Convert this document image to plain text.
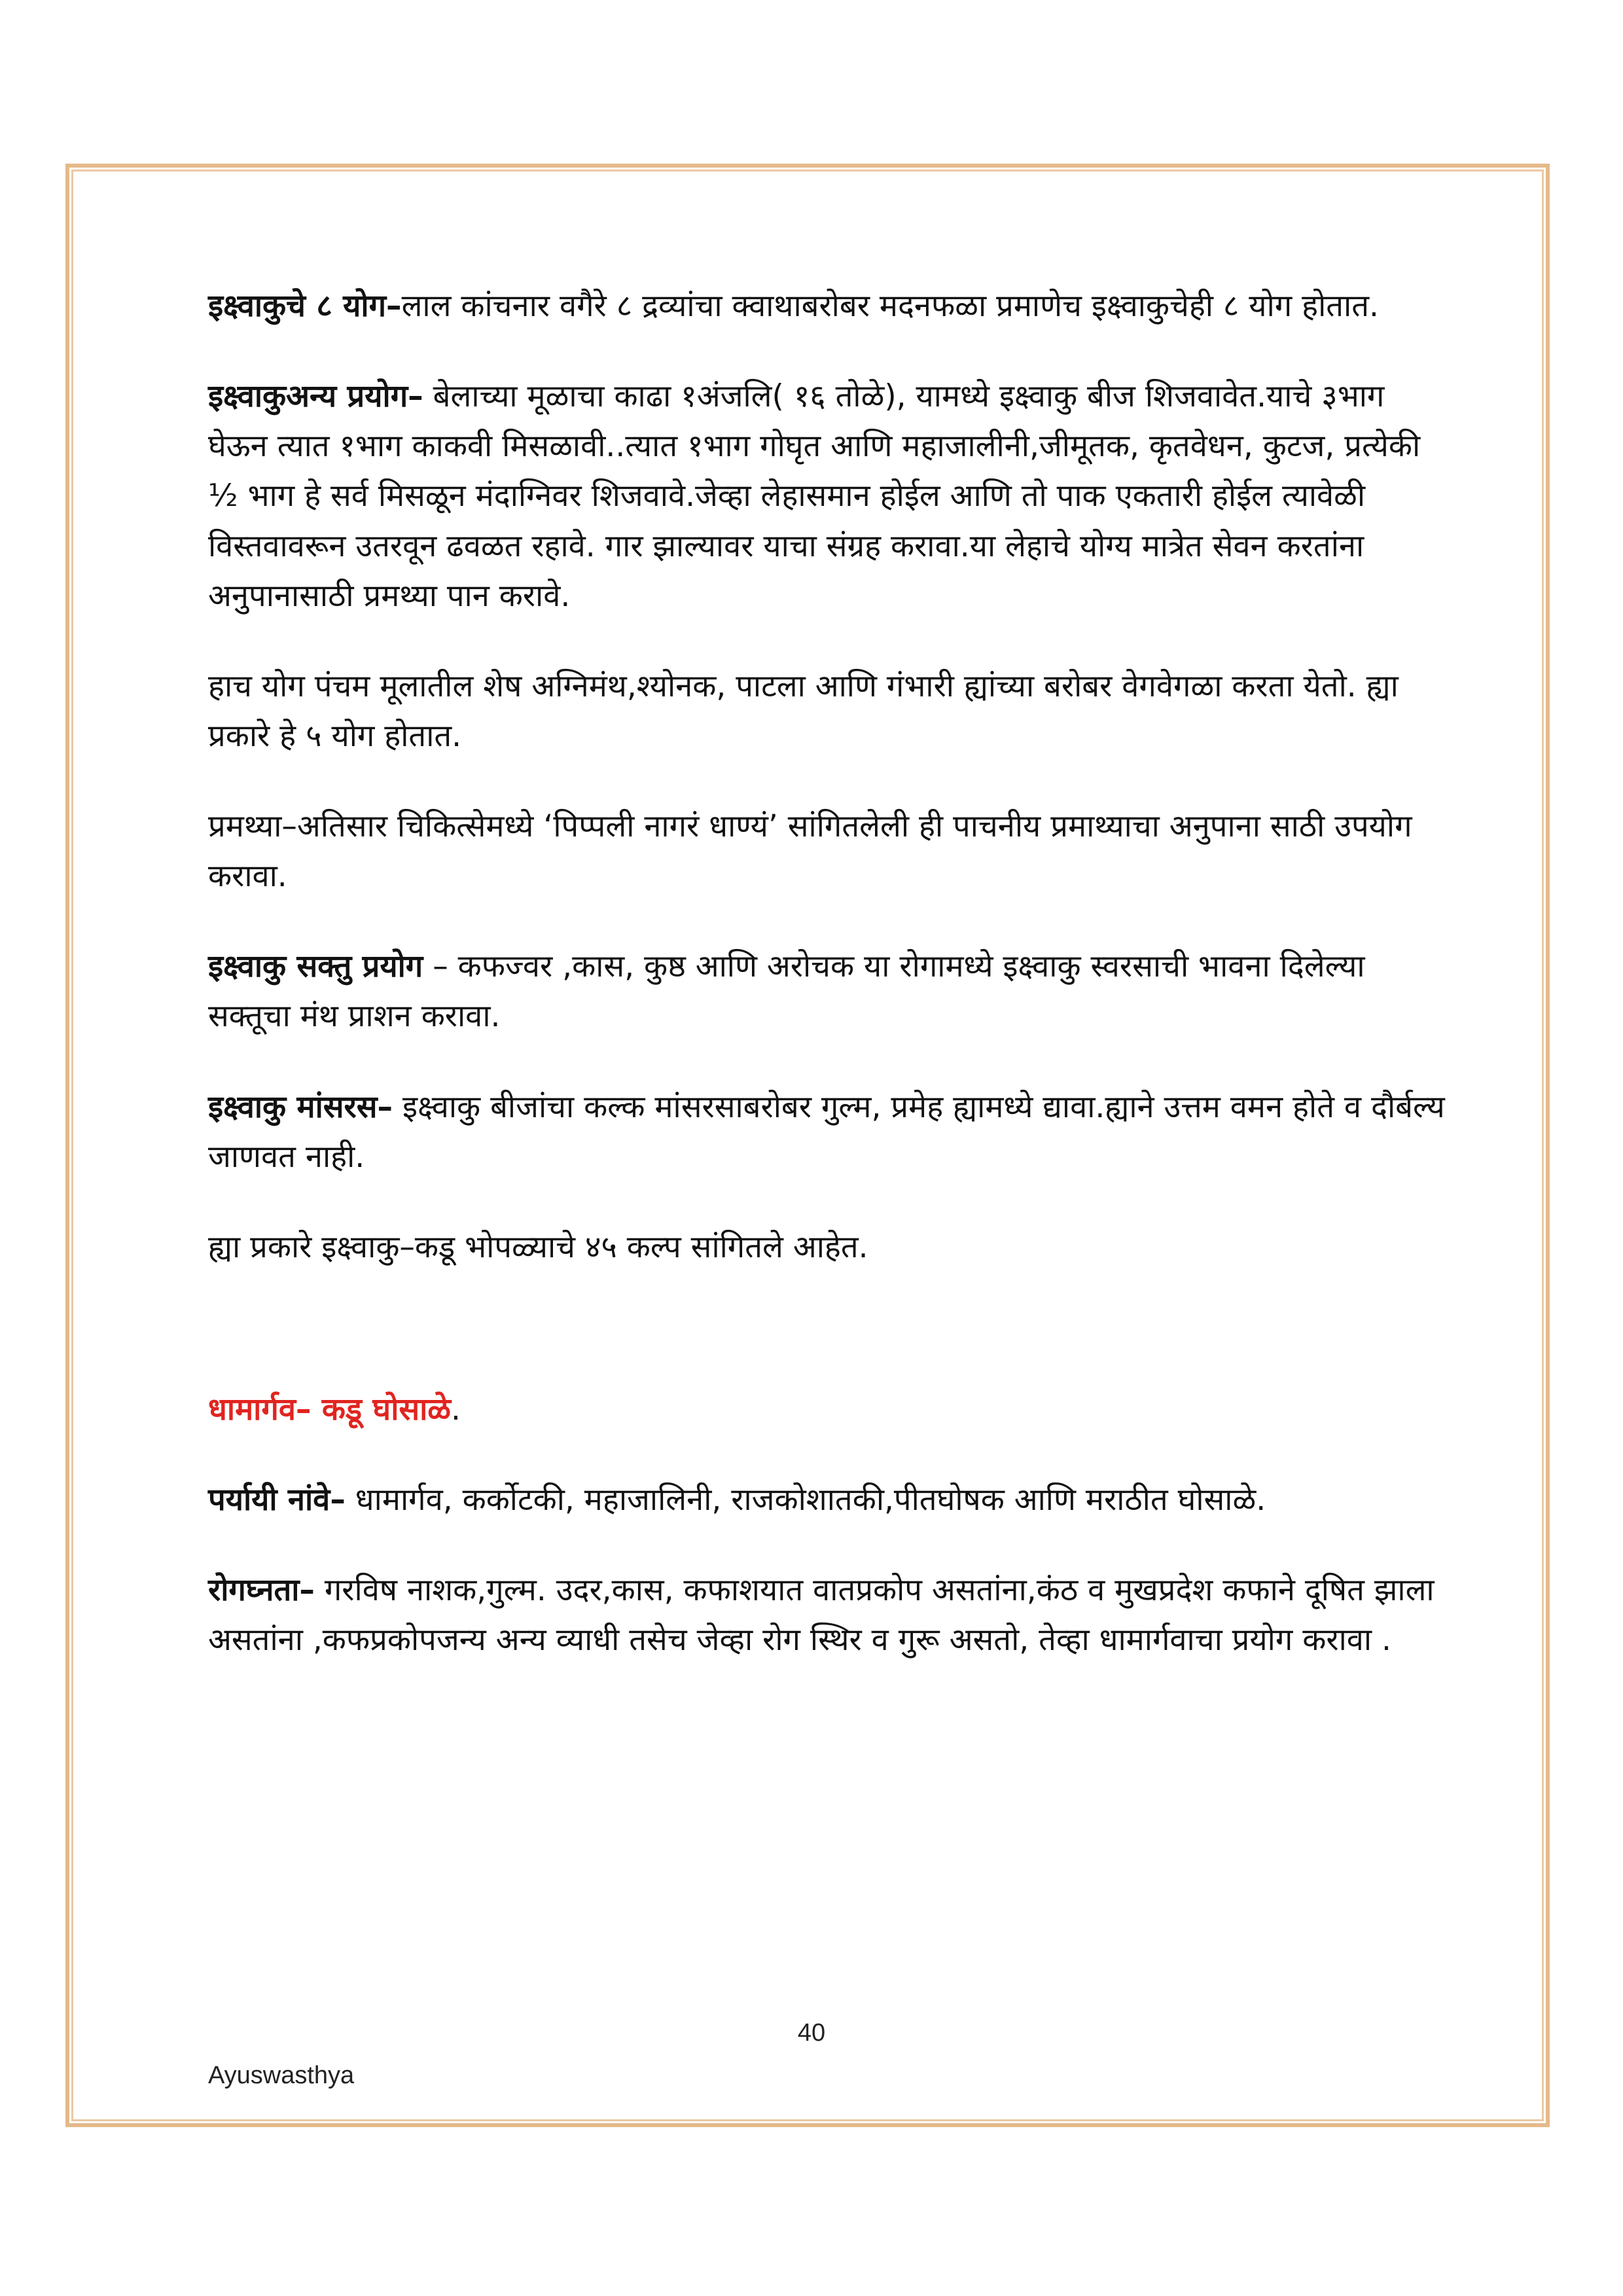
इक्ष्वाकुचे ८ योग–लाल कांचनार वगैरे ८ द्रव्यांचा क्वाथाबरोबर मदनफळा प्रमाणेच इक्ष्वाकुचेही ८ योग होतात.

इक्ष्वाकुअन्य प्रयोग– बेलाच्या मूळाचा काढा १अंजलि( १६ तोळे), यामध्ये इक्ष्वाकु बीज शिजवावेत.याचे ३भाग घेऊन त्यात १भाग काकवी मिसळावी..त्यात १भाग गोघृत आणि महाजालीनी,जीमूतक, कृतवेधन, कुटज, प्रत्येकी ½ भाग हे सर्व मिसळून मंदाग्निवर शिजवावे.जेव्हा लेहासमान होईल आणि तो पाक एकतारी होईल त्यावेळी विस्तवावरून उतरवून ढवळत रहावे. गार झाल्यावर याचा संग्रह करावा.या लेहाचे योग्य मात्रेत सेवन करतांना अनुपानासाठी प्रमथ्या पान करावे.

हाच योग पंचम मूलातील शेष अग्निमंथ,श्योनक, पाटला आणि गंभारी ह्यांच्या बरोबर वेगवेगळा करता येतो. ह्या प्रकारे हे ५ योग होतात.

प्रमथ्या–अतिसार चिकित्सेमध्ये ‘पिप्पली नागरं धाण्यं’ सांगितलेली ही पाचनीय प्रमाथ्याचा अनुपाना साठी उपयोग करावा.

इक्ष्वाकु सक्तु प्रयोग – कफज्वर ,कास, कुष्ठ आणि अरोचक या रोगामध्ये इक्ष्वाकु स्वरसाची भावना दिलेल्या सक्तूचा मंथ प्राशन करावा.

इक्ष्वाकु मांसरस– इक्ष्वाकु बीजांचा कल्क मांसरसाबरोबर गुल्म, प्रमेह ह्यामध्ये द्यावा.ह्याने उत्तम वमन होते व दौर्बल्य जाणवत नाही.

ह्या प्रकारे इक्ष्वाकु–कडू भोपळ्याचे ४५ कल्प सांगितले आहेत.

धामार्गव– कडू घोसाळे.

पर्यायी नांवे– धामार्गव, कर्कोटकी, महाजालिनी, राजकोशातकी,पीतघोषक आणि मराठीत घोसाळे.

रोगघ्नता– गरविष नाशक,गुल्म. उदर,कास, कफाशयात वातप्रकोप असतांना,कंठ व मुखप्रदेश कफाने दूषित झाला असतांना ,कफप्रकोपजन्य अन्य व्याधी तसेच जेव्हा रोग स्थिर व गुरू असतो, तेव्हा धामार्गवाचा प्रयोग करावा .

40
Ayuswasthya
